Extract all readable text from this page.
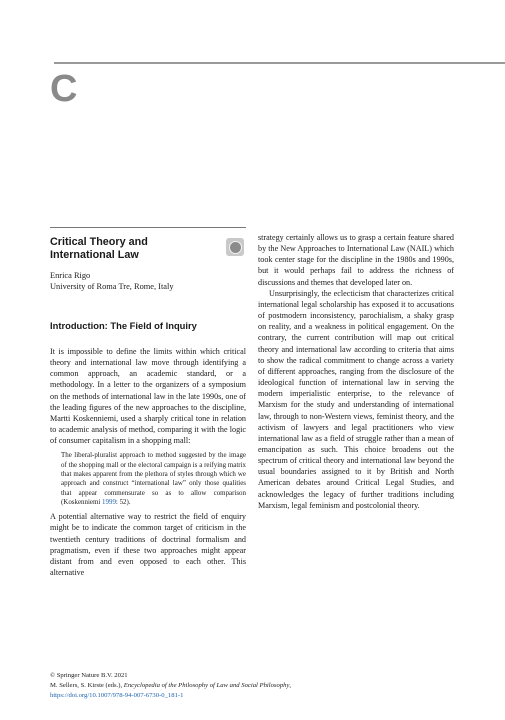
C
Critical Theory and International Law
Enrica Rigo
University of Roma Tre, Rome, Italy
Introduction: The Field of Inquiry

It is impossible to define the limits within which critical theory and international law move through identifying a common approach, an academic standard, or a methodology. In a letter to the organizers of a symposium on the methods of international law in the late 1990s, one of the leading figures of the new approaches to the discipline, Martti Koskenniemi, used a sharply critical tone in relation to academic analysis of method, comparing it with the logic of consumer capitalism in a shopping mall:

The liberal-pluralist approach to method suggested by the image of the shopping mall or the electoral campaign is a reifying matrix that makes apparent from the plethora of styles through which we approach and construct “international law” only those qualities that appear commensurate so as to allow comparison (Koskenniemi 1999: 52).

A potential alternative way to restrict the field of enquiry might be to indicate the common target of criticism in the twentieth century traditions of doctrinal formalism and pragmatism, even if these two approaches might appear distant from and even opposed to each other. This alternative

strategy certainly allows us to grasp a certain feature shared by the New Approaches to International Law (NAIL) which took center stage for the discipline in the 1980s and 1990s, but it would perhaps fail to address the richness of discussions and themes that developed later on.

Unsurprisingly, the eclecticism that characterizes critical international legal scholarship has exposed it to accusations of postmodern inconsistency, parochialism, a shaky grasp on reality, and a weakness in political engagement. On the contrary, the current contribution will map out critical theory and international law according to criteria that aims to show the radical commitment to change across a variety of different approaches, ranging from the disclosure of the ideological function of international law in serving the modern imperialistic enterprise, to the relevance of Marxism for the study and understanding of international law, through to non-Western views, feminist theory, and the activism of lawyers and legal practitioners who view international law as a field of struggle rather than a mean of emancipation as such. This choice broadens out the spectrum of critical theory and international law beyond the usual boundaries assigned to it by British and North American debates around Critical Legal Studies, and acknowledges the legacy of further traditions including Marxism, legal feminism and postcolonial theory.

© Springer Nature B.V. 2021
M. Sellers, S. Kirste (eds.), Encyclopedia of the Philosophy of Law and Social Philosophy,
https://doi.org/10.1007/978-94-007-6730-0_181-1
